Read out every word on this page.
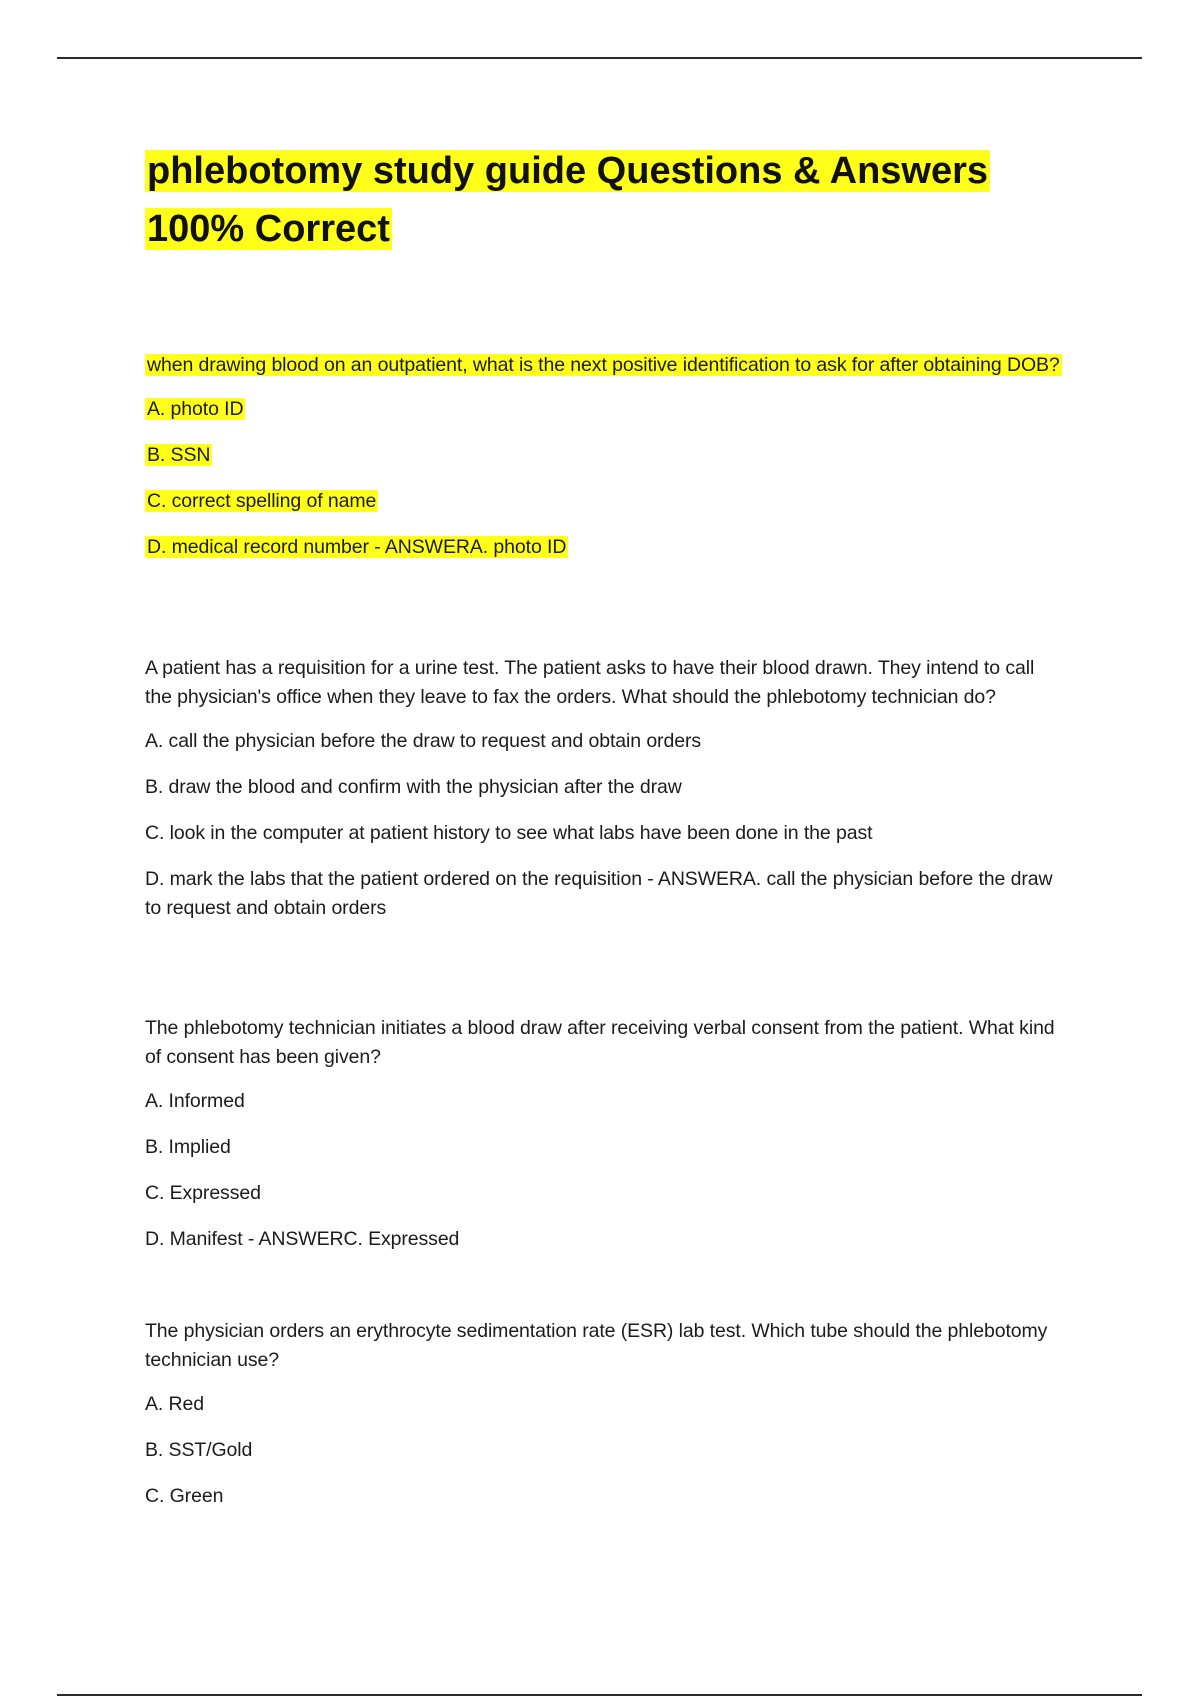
phlebotomy study guide Questions & Answers 100% Correct

when drawing blood on an outpatient, what is the next positive identification to ask for after obtaining DOB?

A. photo ID

B. SSN

C. correct spelling of name

D. medical record number - ANSWERA. photo ID

A patient has a requisition for a urine test. The patient asks to have their blood drawn. They intend to call the physician's office when they leave to fax the orders. What should the phlebotomy technician do?

A. call the physician before the draw to request and obtain orders

B. draw the blood and confirm with the physician after the draw

C. look in the computer at patient history to see what labs have been done in the past

D. mark the labs that the patient ordered on the requisition - ANSWERA. call the physician before the draw to request and obtain orders

The phlebotomy technician initiates a blood draw after receiving verbal consent from the patient. What kind of consent has been given?

A. Informed

B. Implied

C. Expressed

D. Manifest - ANSWERC. Expressed

The physician orders an erythrocyte sedimentation rate (ESR) lab test. Which tube should the phlebotomy technician use?

A. Red

B. SST/Gold

C. Green
